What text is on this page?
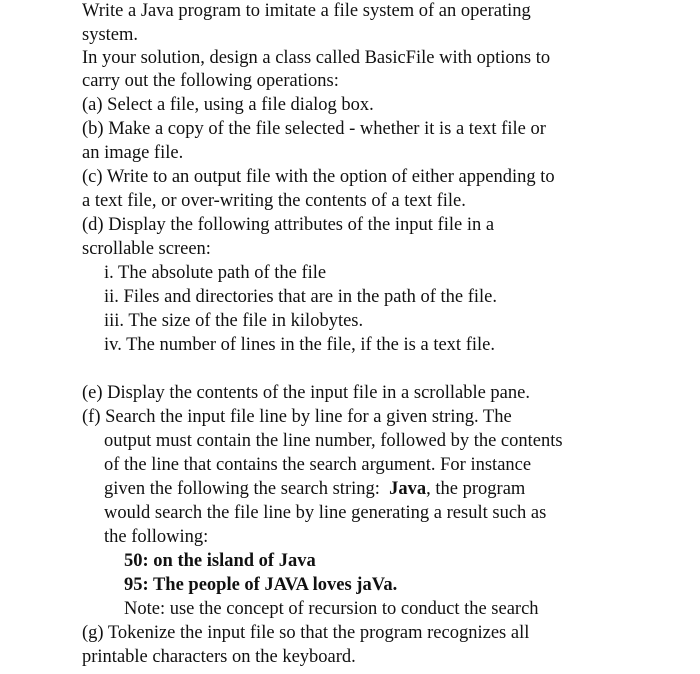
Write a Java program to imitate a file system of an operating
system.
In your solution, design a class called BasicFile with options to
carry out the following operations:
(a) Select a file, using a file dialog box.
(b) Make a copy of the file selected - whether it is a text file or
an image file.
(c) Write to an output file with the option of either appending to
a text file, or over-writing the contents of a text file.
(d) Display the following attributes of the input file in a
scrollable screen:
i. The absolute path of the file
ii. Files and directories that are in the path of the file.
iii. The size of the file in kilobytes.
iv. The number of lines in the file, if the is a text file.
(e) Display the contents of the input file in a scrollable pane.
(f) Search the input file line by line for a given string. The
output must contain the line number, followed by the contents
of the line that contains the search argument. For instance
given the following the search string:  Java, the program
would search the file line by line generating a result such as
the following:
50: on the island of Java
95: The people of JAVA loves jaVa.
Note: use the concept of recursion to conduct the search
(g) Tokenize the input file so that the program recognizes all
printable characters on the keyboard.
